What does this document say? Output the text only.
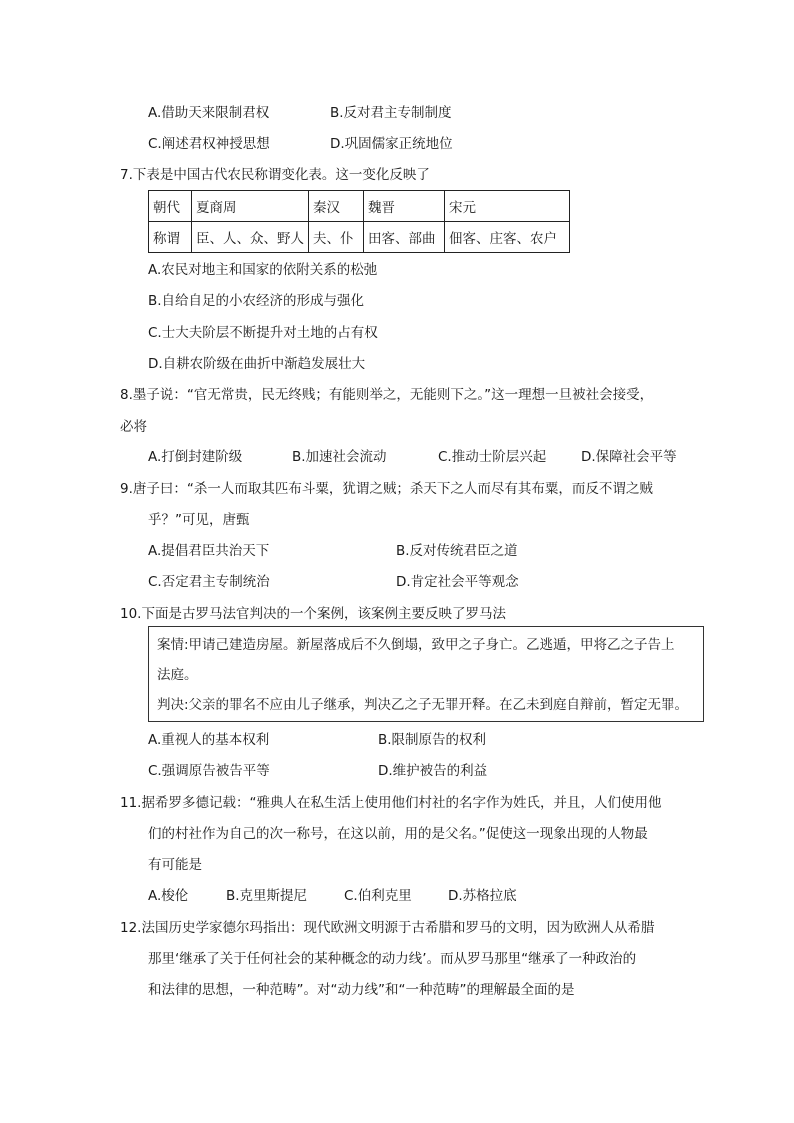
A.借助天来限制君权	B.反对君主专制制度
C.阐述君权神授思想	D.巩固儒家正统地位
7.下表是中国古代农民称谓变化表。这一变化反映了
朝代	夏商周	秦汉	魏晋	宋元
称谓	臣、人、众、野人	夫、仆	田客、部曲	佃客、庄客、农户
A.农民对地主和国家的依附关系的松弛
B.自给自足的小农经济的形成与强化
C.士大夫阶层不断提升对土地的占有权
D.自耕农阶级在曲折中渐趋发展壮大
8.墨子说：“官无常贵，民无终贱；有能则举之，无能则下之。”这一理想一旦被社会接受，
必将
A.打倒封建阶级	B.加速社会流动	C.推动士阶层兴起	D.保障社会平等
9.唐子曰：“杀一人而取其匹布斗粟，犹谓之贼；杀天下之人而尽有其布粟，而反不谓之贼
乎？”可见，唐甄
A.提倡君臣共治天下	B.反对传统君臣之道
C.否定君主专制统治	D.肯定社会平等观念
10.下面是古罗马法官判决的一个案例，该案例主要反映了罗马法
案情:甲请己建造房屋。新屋落成后不久倒塌，致甲之子身亡。乙逃遁，甲将乙之子告上
法庭。
判决:父亲的罪名不应由儿子继承，判决乙之子无罪开释。在乙未到庭自辩前，暂定无罪。
A.重视人的基本权利	B.限制原告的权利
C.强调原告被告平等	D.维护被告的利益
11.据希罗多德记载：“雅典人在私生活上使用他们村社的名字作为姓氏，并且，人们使用他
们的村社作为自己的次一称号，在这以前，用的是父名。”促使这一现象出现的人物最
有可能是
A.梭伦	B.克里斯提尼	C.伯利克里	D.苏格拉底
12.法国历史学家德尔玛指出：现代欧洲文明源于古希腊和罗马的文明，因为欧洲人从希腊
那里‘继承了关于任何社会的某种概念的动力线’。而从罗马那里“继承了一种政治的
和法律的思想，一种范畴”。对“动力线”和“一种范畴”的理解最全面的是
